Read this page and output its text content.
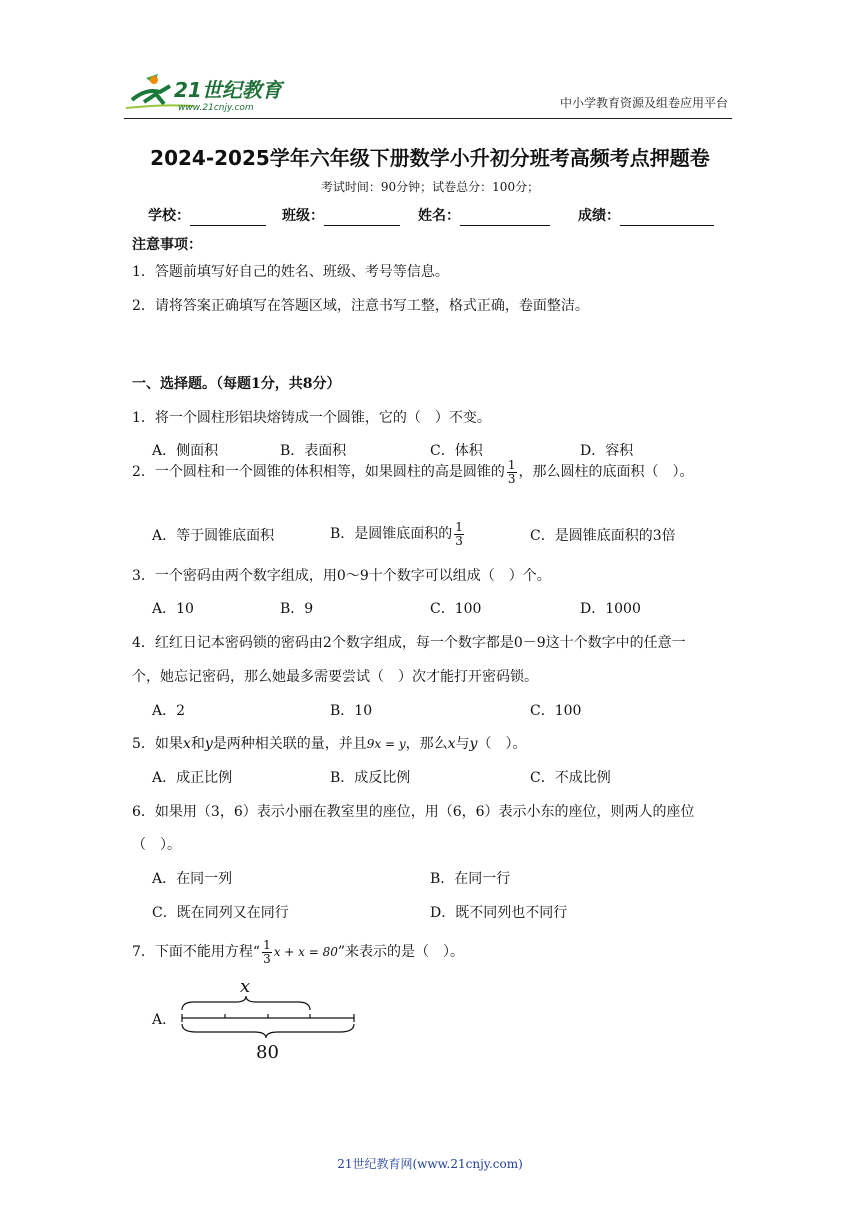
21世纪教育
www.21cnjy.com	中小学教育资源及组卷应用平台
2024-2025学年六年级下册数学小升初分班考高频考点押题卷
考试时间：90分钟；试卷总分：100分；
学校：	班级：	姓名：	成绩：
注意事项：
1．答题前填写好自己的姓名、班级、考号等信息。
2．请将答案正确填写在答题区域，注意书写工整，格式正确，卷面整洁。
一、选择题。（每题1分，共8分）
1．将一个圆柱形铝块熔铸成一个圆锥，它的（　）不变。
A．侧面积	B．表面积	C．体积	D．容积
2．一个圆柱和一个圆锥的体积相等，如果圆柱的高是圆锥的 $\frac{1}{3}$ ，那么圆柱的底面积（　）。
A．等于圆锥底面积	B．是圆锥底面积的 $\frac{1}{3}$	C．是圆锥底面积的3倍
3．一个密码由两个数字组成，用0～9十个数字可以组成（　）个。
A．10	B．9	C．100	D．1000
4．红红日记本密码锁的密码由2个数字组成，每一个数字都是0－9这十个数字中的任意一
个，她忘记密码，那么她最多需要尝试（　）次才能打开密码锁。
A．2	B．10	C．100
5．如果x和y是两种相关联的量，并且9x = y，那么x与y（　）。
A．成正比例	B．成反比例	C．不成比例
6．如果用（3，6）表示小丽在教室里的座位，用（6，6）表示小东的座位，则两人的座位
（　）。
A．在同一列	B．在同一行
C．既在同列又在同行	D．既不同列也不同行
7．下面不能用方程“ $\frac{1}{3}$ x + x = 80”来表示的是（　）。
A．
x
80
21世纪教育网(www.21cnjy.com)
